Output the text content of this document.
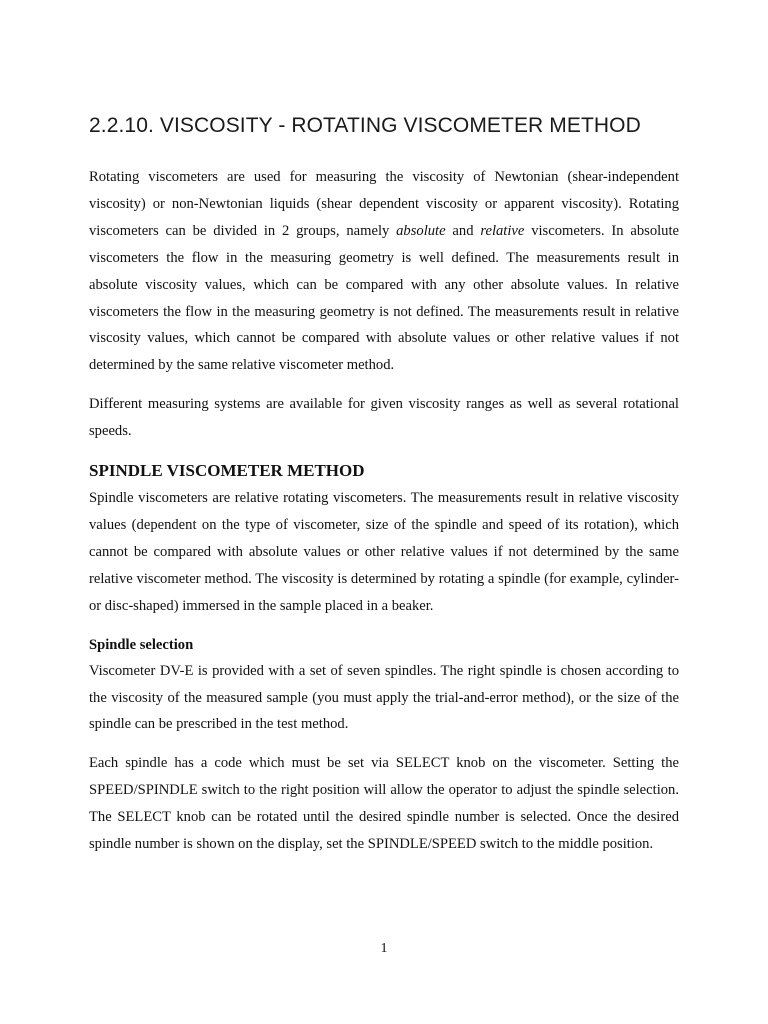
2.2.10. VISCOSITY - ROTATING VISCOMETER METHOD

Rotating viscometers are used for measuring the viscosity of Newtonian (shear-independent viscosity) or non-Newtonian liquids (shear dependent viscosity or apparent viscosity). Rotating viscometers can be divided in 2 groups, namely absolute and relative viscometers. In absolute viscometers the flow in the measuring geometry is well defined. The measurements result in absolute viscosity values, which can be compared with any other absolute values. In relative viscometers the flow in the measuring geometry is not defined. The measurements result in relative viscosity values, which cannot be compared with absolute values or other relative values if not determined by the same relative viscometer method.

Different measuring systems are available for given viscosity ranges as well as several rotational speeds.

SPINDLE VISCOMETER METHOD

Spindle viscometers are relative rotating viscometers. The measurements result in relative viscosity values (dependent on the type of viscometer, size of the spindle and speed of its rotation), which cannot be compared with absolute values or other relative values if not determined by the same relative viscometer method. The viscosity is determined by rotating a spindle (for example, cylinder- or disc-shaped) immersed in the sample placed in a beaker.

Spindle selection

Viscometer DV-E is provided with a set of seven spindles. The right spindle is chosen according to the viscosity of the measured sample (you must apply the trial-and-error method), or the size of the spindle can be prescribed in the test method.

Each spindle has a code which must be set via SELECT knob on the viscometer. Setting the SPEED/SPINDLE switch to the right position will allow the operator to adjust the spindle selection. The SELECT knob can be rotated until the desired spindle number is selected. Once the desired spindle number is shown on the display, set the SPINDLE/SPEED switch to the middle position.

1
